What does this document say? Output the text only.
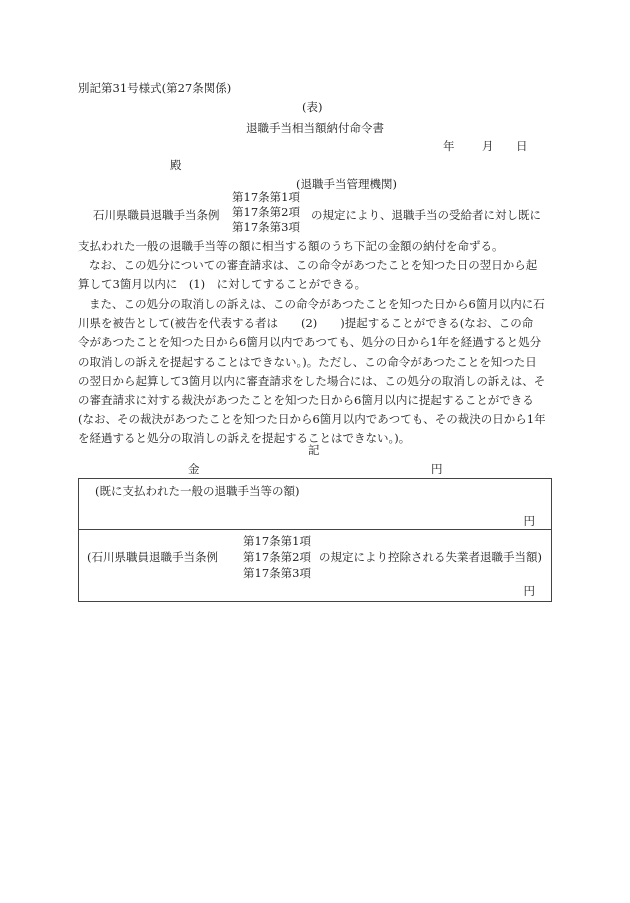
別記第31号様式(第27条関係)
(表)
退職手当相当額納付命令書
年 月 日
殿
(退職手当管理機関)
石川県職員退職手当条例
第17条第1項
第17条第2項
第17条第3項
の規定により、退職手当の受給者に対し既に
支払われた一般の退職手当等の額に相当する額のうち下記の金額の納付を命ずる。
なお、この処分についての審査請求は、この命令があつたことを知つた日の翌日から起
算して3箇月以内に　(1)　に対してすることができる。
また、この処分の取消しの訴えは、この命令があつたことを知つた日から6箇月以内に石
川県を被告として(被告を代表する者は　　(2)　　)提起することができる(なお、この命
令があつたことを知つた日から6箇月以内であつても、処分の日から1年を経過すると処分
の取消しの訴えを提起することはできない。)。ただし、この命令があつたことを知つた日
の翌日から起算して3箇月以内に審査請求をした場合には、この処分の取消しの訴えは、そ
の審査請求に対する裁決があつたことを知つた日から6箇月以内に提起することができる
(なお、その裁決があつたことを知つた日から6箇月以内であつても、その裁決の日から1年
を経過すると処分の取消しの訴えを提起することはできない。)。
記
金	円
(既に支払われた一般の退職手当等の額)
円

(石川県職員退職手当条例
第17条第1項
第17条第2項
第17条第3項
の規定により控除される失業者退職手当額)
円
